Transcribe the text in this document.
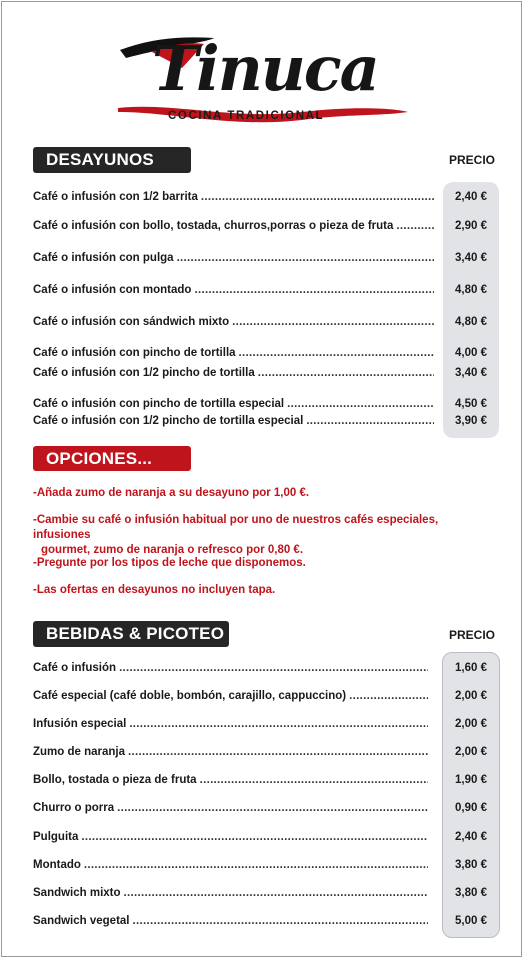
Tinuca
COCINA TRADICIONAL
DESAYUNOS	PRECIO
Café o infusión con 1/2 barrita .....	2,40 €
Café o infusión con bollo, tostada, churros,porras o pieza de fruta .....	2,90 €
Café o infusión con pulga .....	3,40 €
Café o infusión con montado .....	4,80 €
Café o infusión con sándwich mixto .....	4,80 €
Café o infusión con pincho de tortilla .....	4,00 €
Café o infusión con 1/2 pincho de tortilla .....	3,40 €
Café o infusión con pincho de tortilla especial .....	4,50 €
Café o infusión con 1/2 pincho de tortilla especial .....	3,90 €
OPCIONES...
-Añada zumo de naranja a su desayuno por 1,00 €.
-Cambie su café o infusión habitual por uno de nuestros cafés especiales, infusiones
gourmet, zumo de naranja o refresco por 0,80 €.
-Pregunte por los tipos de leche que disponemos.
-Las ofertas en desayunos no incluyen tapa.
BEBIDAS & PICOTEO	PRECIO
Café o infusión .....	1,60 €
Café especial (café doble, bombón, carajillo, cappuccino) .....	2,00 €
Infusión especial .....	2,00 €
Zumo de naranja .....	2,00 €
Bollo, tostada o pieza de fruta .....	1,90 €
Churro o porra .....	0,90 €
Pulguita .....	2,40 €
Montado .....	3,80 €
Sandwich mixto .....	3,80 €
Sandwich vegetal .....	5,00 €
